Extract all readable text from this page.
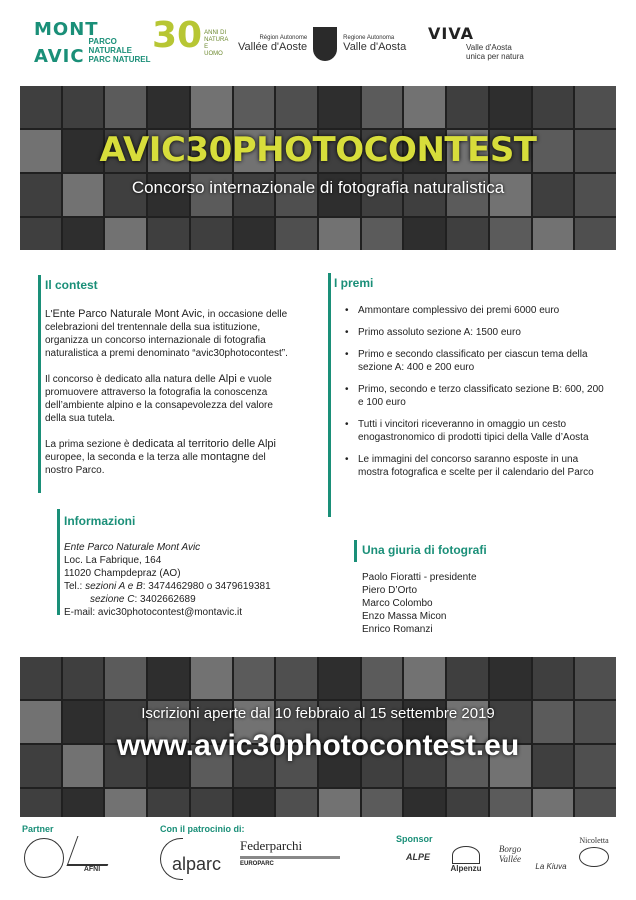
MONT
AVIC
PARCO NATURALE
PARC NATUREL
30 ANNI DI
NATURA
E UOMO
Région Autonome
Vallée d'Aoste
Regione Autonoma
Valle d'Aosta
VIVA
Valle d'Aosta
unica per natura
AVIC30PHOTOCONTEST
Concorso internazionale di fotografia naturalistica
Il contest

L'Ente Parco Naturale Mont Avic, in occasione delle celebrazioni del trentennale della sua istituzione, organizza un concorso internazionale di fotografia naturalistica a premi denominato “avic30photocontest”.

Il concorso è dedicato alla natura delle Alpi e vuole promuovere attraverso la fotografia la conoscenza dell’ambiente alpino e la consapevolezza del valore della sua tutela.

La prima sezione è dedicata al territorio delle Alpi europee, la seconda e la terza alle montagne del nostro Parco.

I premi
• Ammontare complessivo dei premi 6000 euro
• Primo assoluto sezione A: 1500 euro
• Primo e secondo classificato per ciascun tema della sezione A: 400 e 200 euro
• Primo, secondo e terzo classificato sezione B: 600, 200 e 100 euro
• Tutti i vincitori riceveranno in omaggio un cesto enogastronomico di prodotti tipici della Valle d’Aosta
• Le immagini del concorso saranno esposte in una mostra fotografica e scelte per il calendario del Parco
Informazioni
Ente Parco Naturale Mont Avic
Loc. La Fabrique, 164
11020 Champdepraz (AO)
Tel.: sezioni A e B: 3474462980 o 3479619381
sezione C: 3402662689
E-mail: avic30photocontest@montavic.it
Una giuria di fotografi
Paolo Fioratti - presidente
Piero D’Orto
Marco Colombo
Enzo Massa Micon
Enrico Romanzi
Iscrizioni aperte dal 10 febbraio al 15 settembre 2019
www.avic30photocontest.eu
Partner
AFNI
Con il patrocinio di:
alparc
Federparchi
EUROPARC
Sponsor
ALPE
Alpenzu
Borgo Vallée
La Kiuva
Nicoletta
